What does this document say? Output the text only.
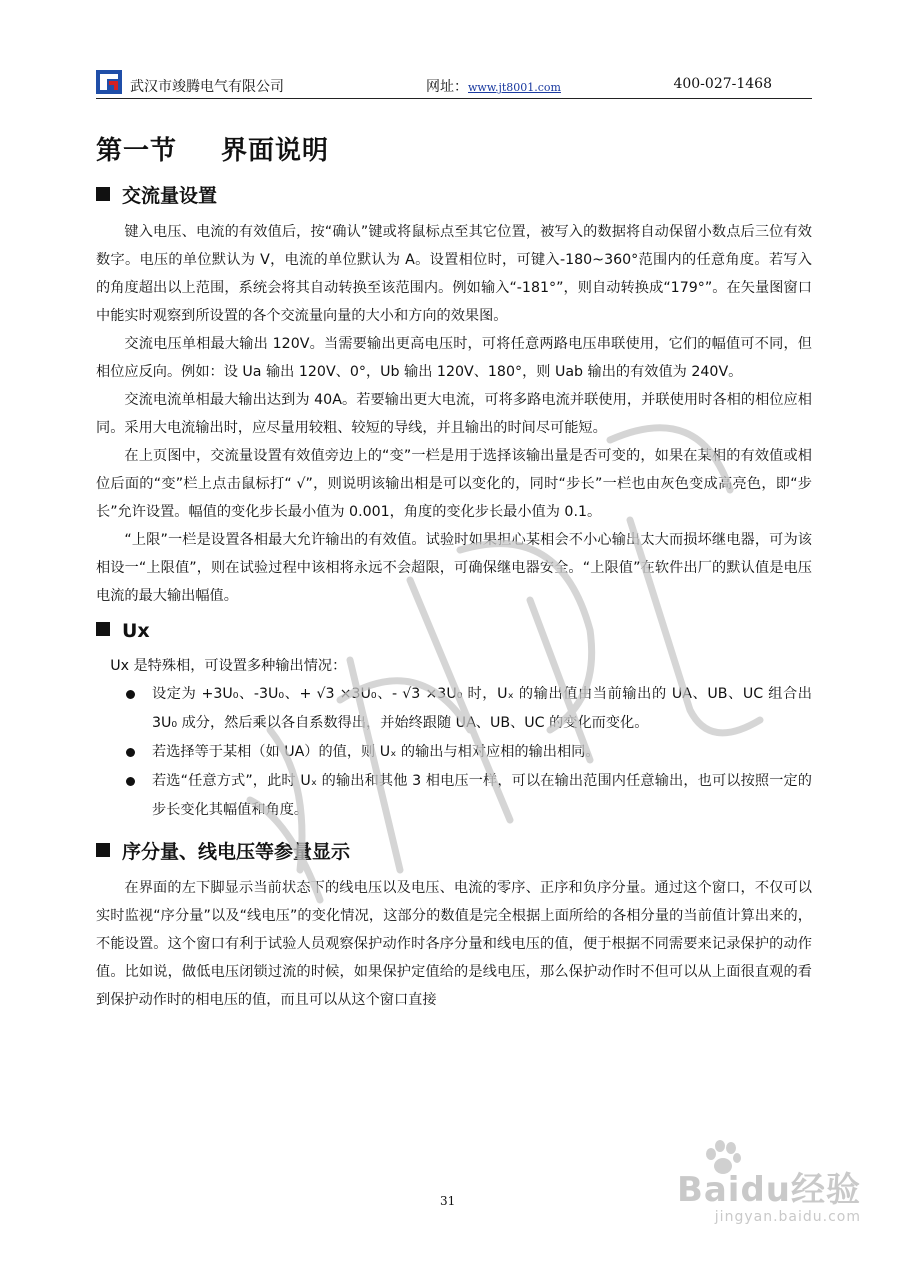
武汉市竣腾电气有限公司	网址：www.jt8001.com	400-027-1468
第一节 界面说明
交流量设置

键入电压、电流的有效值后，按“确认”键或将鼠标点至其它位置，被写入的数据将自动保留小数点后三位有效数字。电压的单位默认为 V，电流的单位默认为 A。设置相位时，可键入-180~360°范围内的任意角度。若写入的角度超出以上范围，系统会将其自动转换至该范围内。例如输入“-181°”，则自动转换成“179°”。在矢量图窗口中能实时观察到所设置的各个交流量向量的大小和方向的效果图。

交流电压单相最大输出 120V。当需要输出更高电压时，可将任意两路电压串联使用，它们的幅值可不同，但相位应反向。例如：设 Ua 输出 120V、0°，Ub 输出 120V、180°，则 Uab 输出的有效值为 240V。

交流电流单相最大输出达到为 40A。若要输出更大电流，可将多路电流并联使用，并联使用时各相的相位应相同。采用大电流输出时，应尽量用较粗、较短的导线，并且输出的时间尽可能短。

在上页图中，交流量设置有效值旁边上的“变”一栏是用于选择该输出量是否可变的，如果在某相的有效值或相位后面的“变”栏上点击鼠标打“ √”，则说明该输出相是可以变化的，同时“步长”一栏也由灰色变成高亮色，即“步长”允许设置。幅值的变化步长最小值为 0.001，角度的变化步长最小值为 0.1。

“上限”一栏是设置各相最大允许输出的有效值。试验时如果担心某相会不小心输出太大而损坏继电器，可为该相设一“上限值”，则在试验过程中该相将永远不会超限，可确保继电器安全。“上限值”在软件出厂的默认值是电压电流的最大输出幅值。

Ux

Ux 是特殊相，可设置多种输出情况：

设定为 +3U₀、-3U₀、+ √3 ×3U₀、- √3 ×3U₀ 时，Uₓ 的输出值由当前输出的 UA、UB、UC 组合出 3U₀ 成分，然后乘以各自系数得出，并始终跟随 UA、UB、UC 的变化而变化。
若选择等于某相（如 UA）的值，则 Uₓ 的输出与相对应相的输出相同。
若选“任意方式”，此时 Uₓ 的输出和其他 3 相电压一样，可以在输出范围内任意输出，也可以按照一定的步长变化其幅值和角度。
序分量、线电压等参量显示

在界面的左下脚显示当前状态下的线电压以及电压、电流的零序、正序和负序分量。通过这个窗口，不仅可以实时监视“序分量”以及“线电压”的变化情况，这部分的数值是完全根据上面所给的各相分量的当前值计算出来的，不能设置。这个窗口有利于试验人员观察保护动作时各序分量和线电压的值，便于根据不同需要来记录保护的动作值。比如说，做低电压闭锁过流的时候，如果保护定值给的是线电压，那么保护动作时不但可以从上面很直观的看到保护动作时的相电压的值，而且可以从这个窗口直接

31	Baidu经验
jingyan.baidu.com
